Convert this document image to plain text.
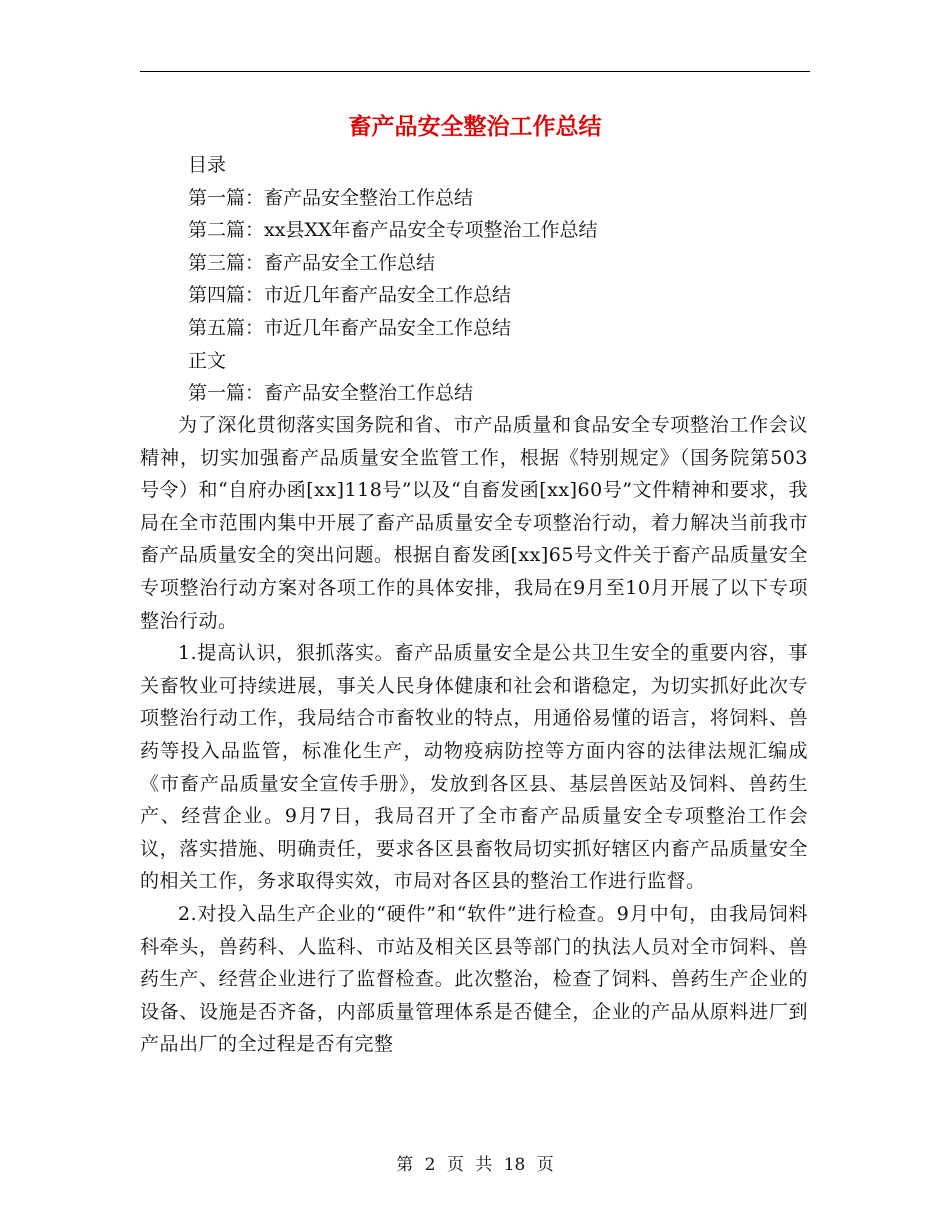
畜产品安全整治工作总结
目录
第一篇：畜产品安全整治工作总结
第二篇：xx县XX年畜产品安全专项整治工作总结
第三篇：畜产品安全工作总结
第四篇：市近几年畜产品安全工作总结
第五篇：市近几年畜产品安全工作总结
正文
第一篇：畜产品安全整治工作总结

为了深化贯彻落实国务院和省、市产品质量和食品安全专项整治工作会议精神，切实加强畜产品质量安全监管工作，根据《特别规定》（国务院第503号令）和“自府办函[xx]118号”以及“自畜发函[xx]60号”文件精神和要求，我局在全市范围内集中开展了畜产品质量安全专项整治行动，着力解决当前我市畜产品质量安全的突出问题。根据自畜发函[xx]65号文件关于畜产品质量安全专项整治行动方案对各项工作的具体安排，我局在9月至10月开展了以下专项整治行动。

1.提高认识，狠抓落实。畜产品质量安全是公共卫生安全的重要内容，事关畜牧业可持续进展，事关人民身体健康和社会和谐稳定，为切实抓好此次专项整治行动工作，我局结合市畜牧业的特点，用通俗易懂的语言，将饲料、兽药等投入品监管，标准化生产，动物疫病防控等方面内容的法律法规汇编成《市畜产品质量安全宣传手册》，发放到各区县、基层兽医站及饲料、兽药生产、经营企业。9月7日，我局召开了全市畜产品质量安全专项整治工作会议，落实措施、明确责任，要求各区县畜牧局切实抓好辖区内畜产品质量安全的相关工作，务求取得实效，市局对各区县的整治工作进行监督。

2.对投入品生产企业的“硬件”和“软件”进行检查。9月中旬，由我局饲料科牵头，兽药科、人监科、市站及相关区县等部门的执法人员对全市饲料、兽药生产、经营企业进行了监督检查。此次整治，检查了饲料、兽药生产企业的设备、设施是否齐备，内部质量管理体系是否健全，企业的产品从原料进厂到产品出厂的全过程是否有完整

第 2 页 共 18 页
